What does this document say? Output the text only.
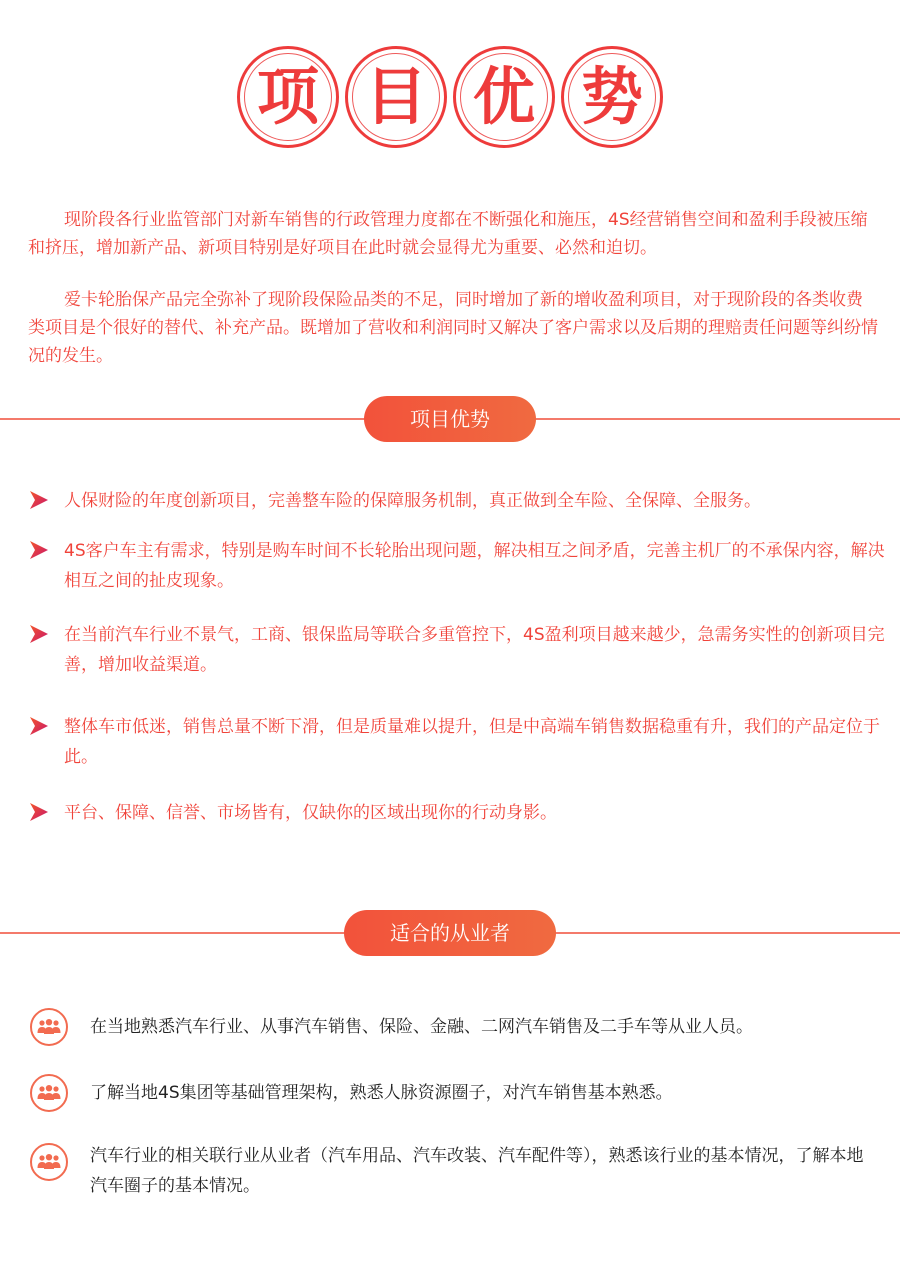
项 目 优 势

现阶段各行业监管部门对新车销售的行政管理力度都在不断强化和施压，4S经营销售空间和盈利手段被压缩和挤压，增加新产品、新项目特别是好项目在此时就会显得尤为重要、必然和迫切。

爱卡轮胎保产品完全弥补了现阶段保险品类的不足，同时增加了新的增收盈利项目，对于现阶段的各类收费类项目是个很好的替代、补充产品。既增加了营收和利润同时又解决了客户需求以及后期的理赔责任问题等纠纷情况的发生。

项目优势
人保财险的年度创新项目，完善整车险的保障服务机制，真正做到全车险、全保障、全服务。
4S客户车主有需求，特别是购车时间不长轮胎出现问题，解决相互之间矛盾，完善主机厂的不承保内容，解决相互之间的扯皮现象。
在当前汽车行业不景气，工商、银保监局等联合多重管控下，4S盈利项目越来越少，急需务实性的创新项目完善，增加收益渠道。
整体车市低迷，销售总量不断下滑，但是质量难以提升，但是中高端车销售数据稳重有升，我们的产品定位于此。
平台、保障、信誉、市场皆有，仅缺你的区域出现你的行动身影。
适合的从业者
在当地熟悉汽车行业、从事汽车销售、保险、金融、二网汽车销售及二手车等从业人员。
了解当地4S集团等基础管理架构，熟悉人脉资源圈子，对汽车销售基本熟悉。
汽车行业的相关联行业从业者（汽车用品、汽车改装、汽车配件等），熟悉该行业的基本情况，了解本地汽车圈子的基本情况。
